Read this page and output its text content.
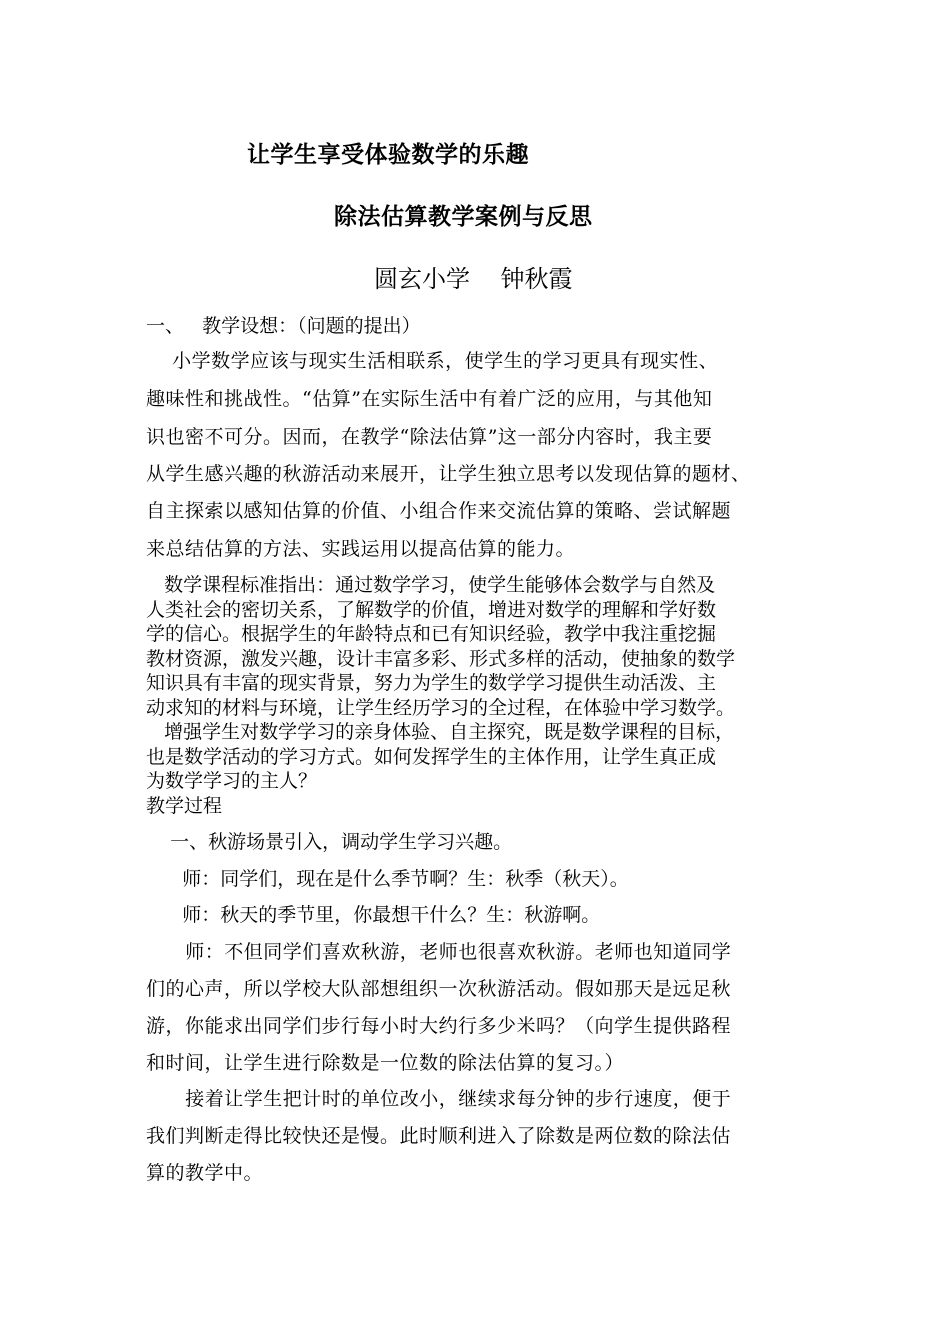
让学生享受体验数学的乐趣
除法估算教学案例与反思
圆玄小学    钟秋霞
一、   教学设想：（问题的提出）
小学数学应该与现实生活相联系，使学生的学习更具有现实性、
趣味性和挑战性。“估算”在实际生活中有着广泛的应用，与其他知
识也密不可分。因而，在教学“除法估算”这一部分内容时，我主要
从学生感兴趣的秋游活动来展开，让学生独立思考以发现估算的题材、
自主探索以感知估算的价值、小组合作来交流估算的策略、尝试解题
来总结估算的方法、实践运用以提高估算的能力。
数学课程标准指出：通过数学学习，使学生能够体会数学与自然及
人类社会的密切关系，了解数学的价值，增进对数学的理解和学好数
学的信心。根据学生的年龄特点和已有知识经验，教学中我注重挖掘
教材资源，激发兴趣，设计丰富多彩、形式多样的活动，使抽象的数学
知识具有丰富的现实背景，努力为学生的数学学习提供生动活泼、主
动求知的材料与环境，让学生经历学习的全过程，在体验中学习数学。
增强学生对数学学习的亲身体验、自主探究，既是数学课程的目标，
也是数学活动的学习方式。如何发挥学生的主体作用，让学生真正成
为数学学习的主人？
教学过程
一、秋游场景引入，调动学生学习兴趣。
师：同学们，现在是什么季节啊？生：秋季（秋天）。
师：秋天的季节里，你最想干什么？生：秋游啊。
师：不但同学们喜欢秋游，老师也很喜欢秋游。老师也知道同学
们的心声，所以学校大队部想组织一次秋游活动。假如那天是远足秋
游，你能求出同学们步行每小时大约行多少米吗？（向学生提供路程
和时间，让学生进行除数是一位数的除法估算的复习。）
接着让学生把计时的单位改小，继续求每分钟的步行速度，便于
我们判断走得比较快还是慢。此时顺利进入了除数是两位数的除法估
算的教学中。
